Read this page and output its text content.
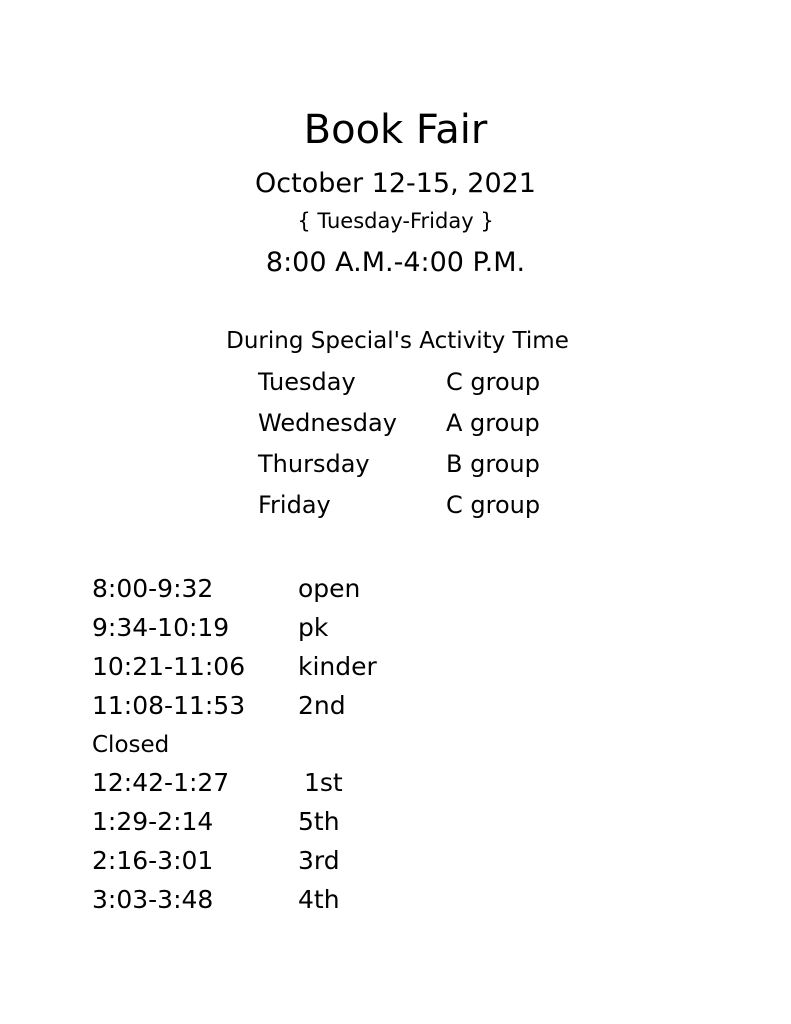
Book Fair
October 12-15, 2021
{ Tuesday-Friday }
8:00 A.M.-4:00 P.M.
During Special's Activity Time
Tuesday	C group
Wednesday A group
Thursday	B group
Friday	C group
8:00-9:32	open
9:34-10:19	pk
10:21-11:06 kinder
11:08-11:53 2nd
Closed
12:42-1:27	1st
1:29-2:14	5th
2:16-3:01	3rd
3:03-3:48	4th
